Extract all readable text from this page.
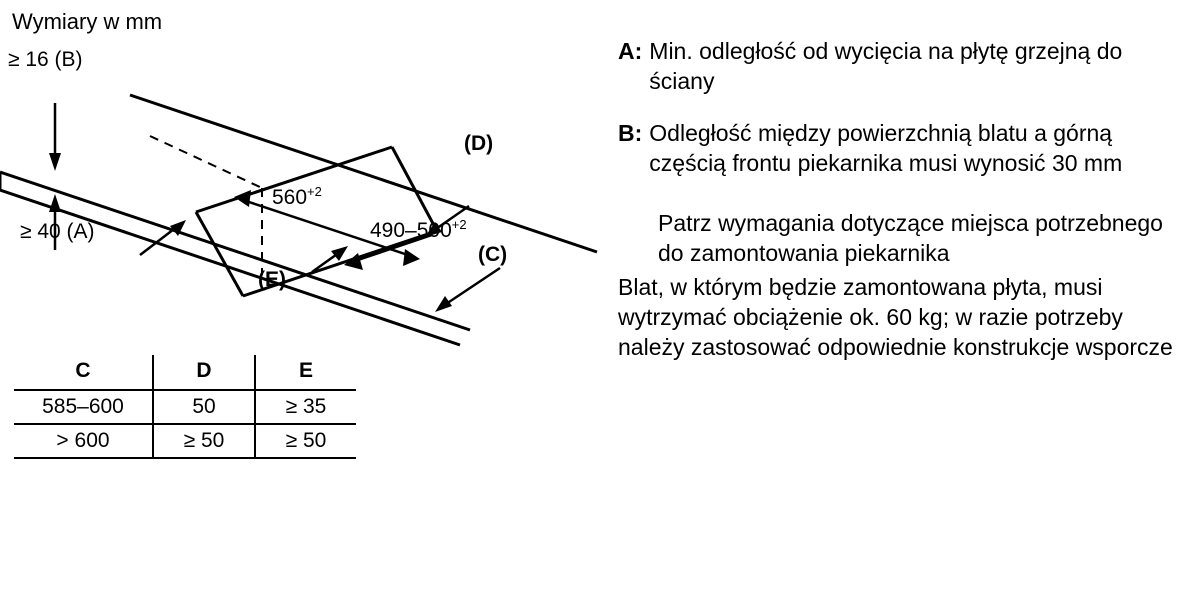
Wymiary w mm
≥ 16 (B)
≥ 40 (A)
(D)
(C)
(E)
$560^{+2}$
$490-500^{+2}$
C	D	E
585–600	50	≥ 35
> 600	≥ 50	≥ 50
A: Min. odległość od wycięcia na płytę grzejną do ściany
B: Odległość między powierzchnią blatu a górną częścią frontu piekarnika musi wynosić 30 mm
Patrz wymagania dotyczące miejsca potrzebnego do zamontowania piekarnika
Blat, w którym będzie zamontowana płyta, musi wytrzymać obciążenie ok. 60 kg; w razie potrzeby należy zastosować odpowiednie konstrukcje wsporcze
